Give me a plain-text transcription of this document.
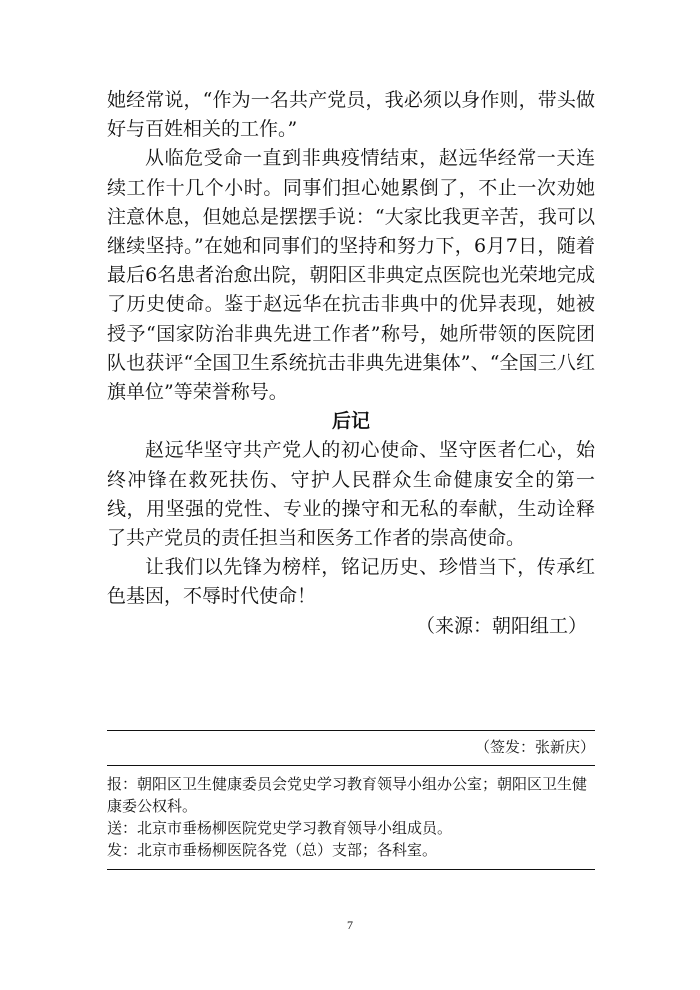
她经常说，“作为一名共产党员，我必须以身作则，带头做好与百姓相关的工作。”

从临危受命一直到非典疫情结束，赵远华经常一天连续工作十几个小时。同事们担心她累倒了，不止一次劝她注意休息，但她总是摆摆手说：“大家比我更辛苦，我可以继续坚持。”在她和同事们的坚持和努力下，6月7日，随着最后6名患者治愈出院，朝阳区非典定点医院也光荣地完成了历史使命。鉴于赵远华在抗击非典中的优异表现，她被授予“国家防治非典先进工作者”称号，她所带领的医院团队也获评“全国卫生系统抗击非典先进集体”、“全国三八红旗单位”等荣誉称号。

后记

赵远华坚守共产党人的初心使命、坚守医者仁心，始终冲锋在救死扶伤、守护人民群众生命健康安全的第一线，用坚强的党性、专业的操守和无私的奉献，生动诠释了共产党员的责任担当和医务工作者的崇高使命。

让我们以先锋为榜样，铭记历史、珍惜当下，传承红色基因，不辱时代使命！

（来源：朝阳组工）

（签发：张新庆）

报：朝阳区卫生健康委员会党史学习教育领导小组办公室；朝阳区卫生健康委公权科。

送：北京市垂杨柳医院党史学习教育领导小组成员。

发：北京市垂杨柳医院各党（总）支部；各科室。

7
